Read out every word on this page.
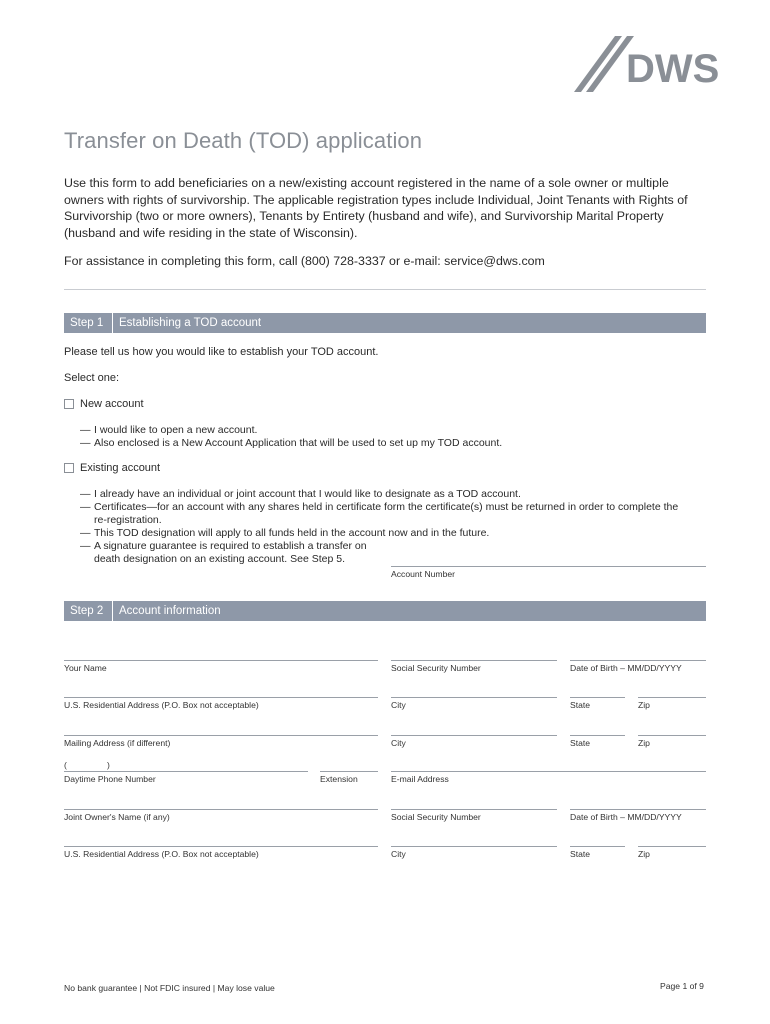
DWS
Transfer on Death (TOD) application

Use this form to add beneficiaries on a new/existing account registered in the name of a sole owner or multiple owners with rights of survivorship. The applicable registration types include Individual, Joint Tenants with Rights of Survivorship (two or more owners), Tenants by Entirety (husband and wife), and Survivorship Marital Property (husband and wife residing in the state of Wisconsin).

For assistance in completing this form, call (800) 728-3337 or e-mail: service@dws.com

Step 1	Establishing a TOD account
Please tell us how you would like to establish your TOD account.
Select one:
New account
— I would like to open a new account.
— Also enclosed is a New Account Application that will be used to set up my TOD account.
Existing account
— I already have an individual or joint account that I would like to designate as a TOD account.
— Certificates—for an account with any shares held in certificate form the certificate(s) must be returned in order to complete the re-registration.
— This TOD designation will apply to all funds held in the account now and in the future.
— A signature guarantee is required to establish a transfer on death designation on an existing account. See Step 5.
Account Number
Step 2	Account information
Your Name	Social Security Number	Date of Birth – MM/DD/YYYY
U.S. Residential Address (P.O. Box not acceptable)	City	State	Zip
Mailing Address (if different)	City	State	Zip
(	)
Daytime Phone Number	Extension	E-mail Address
Joint Owner's Name (if any)	Social Security Number	Date of Birth – MM/DD/YYYY
U.S. Residential Address (P.O. Box not acceptable)	City	State	Zip
No bank guarantee | Not FDIC insured | May lose value	Page 1 of 9
